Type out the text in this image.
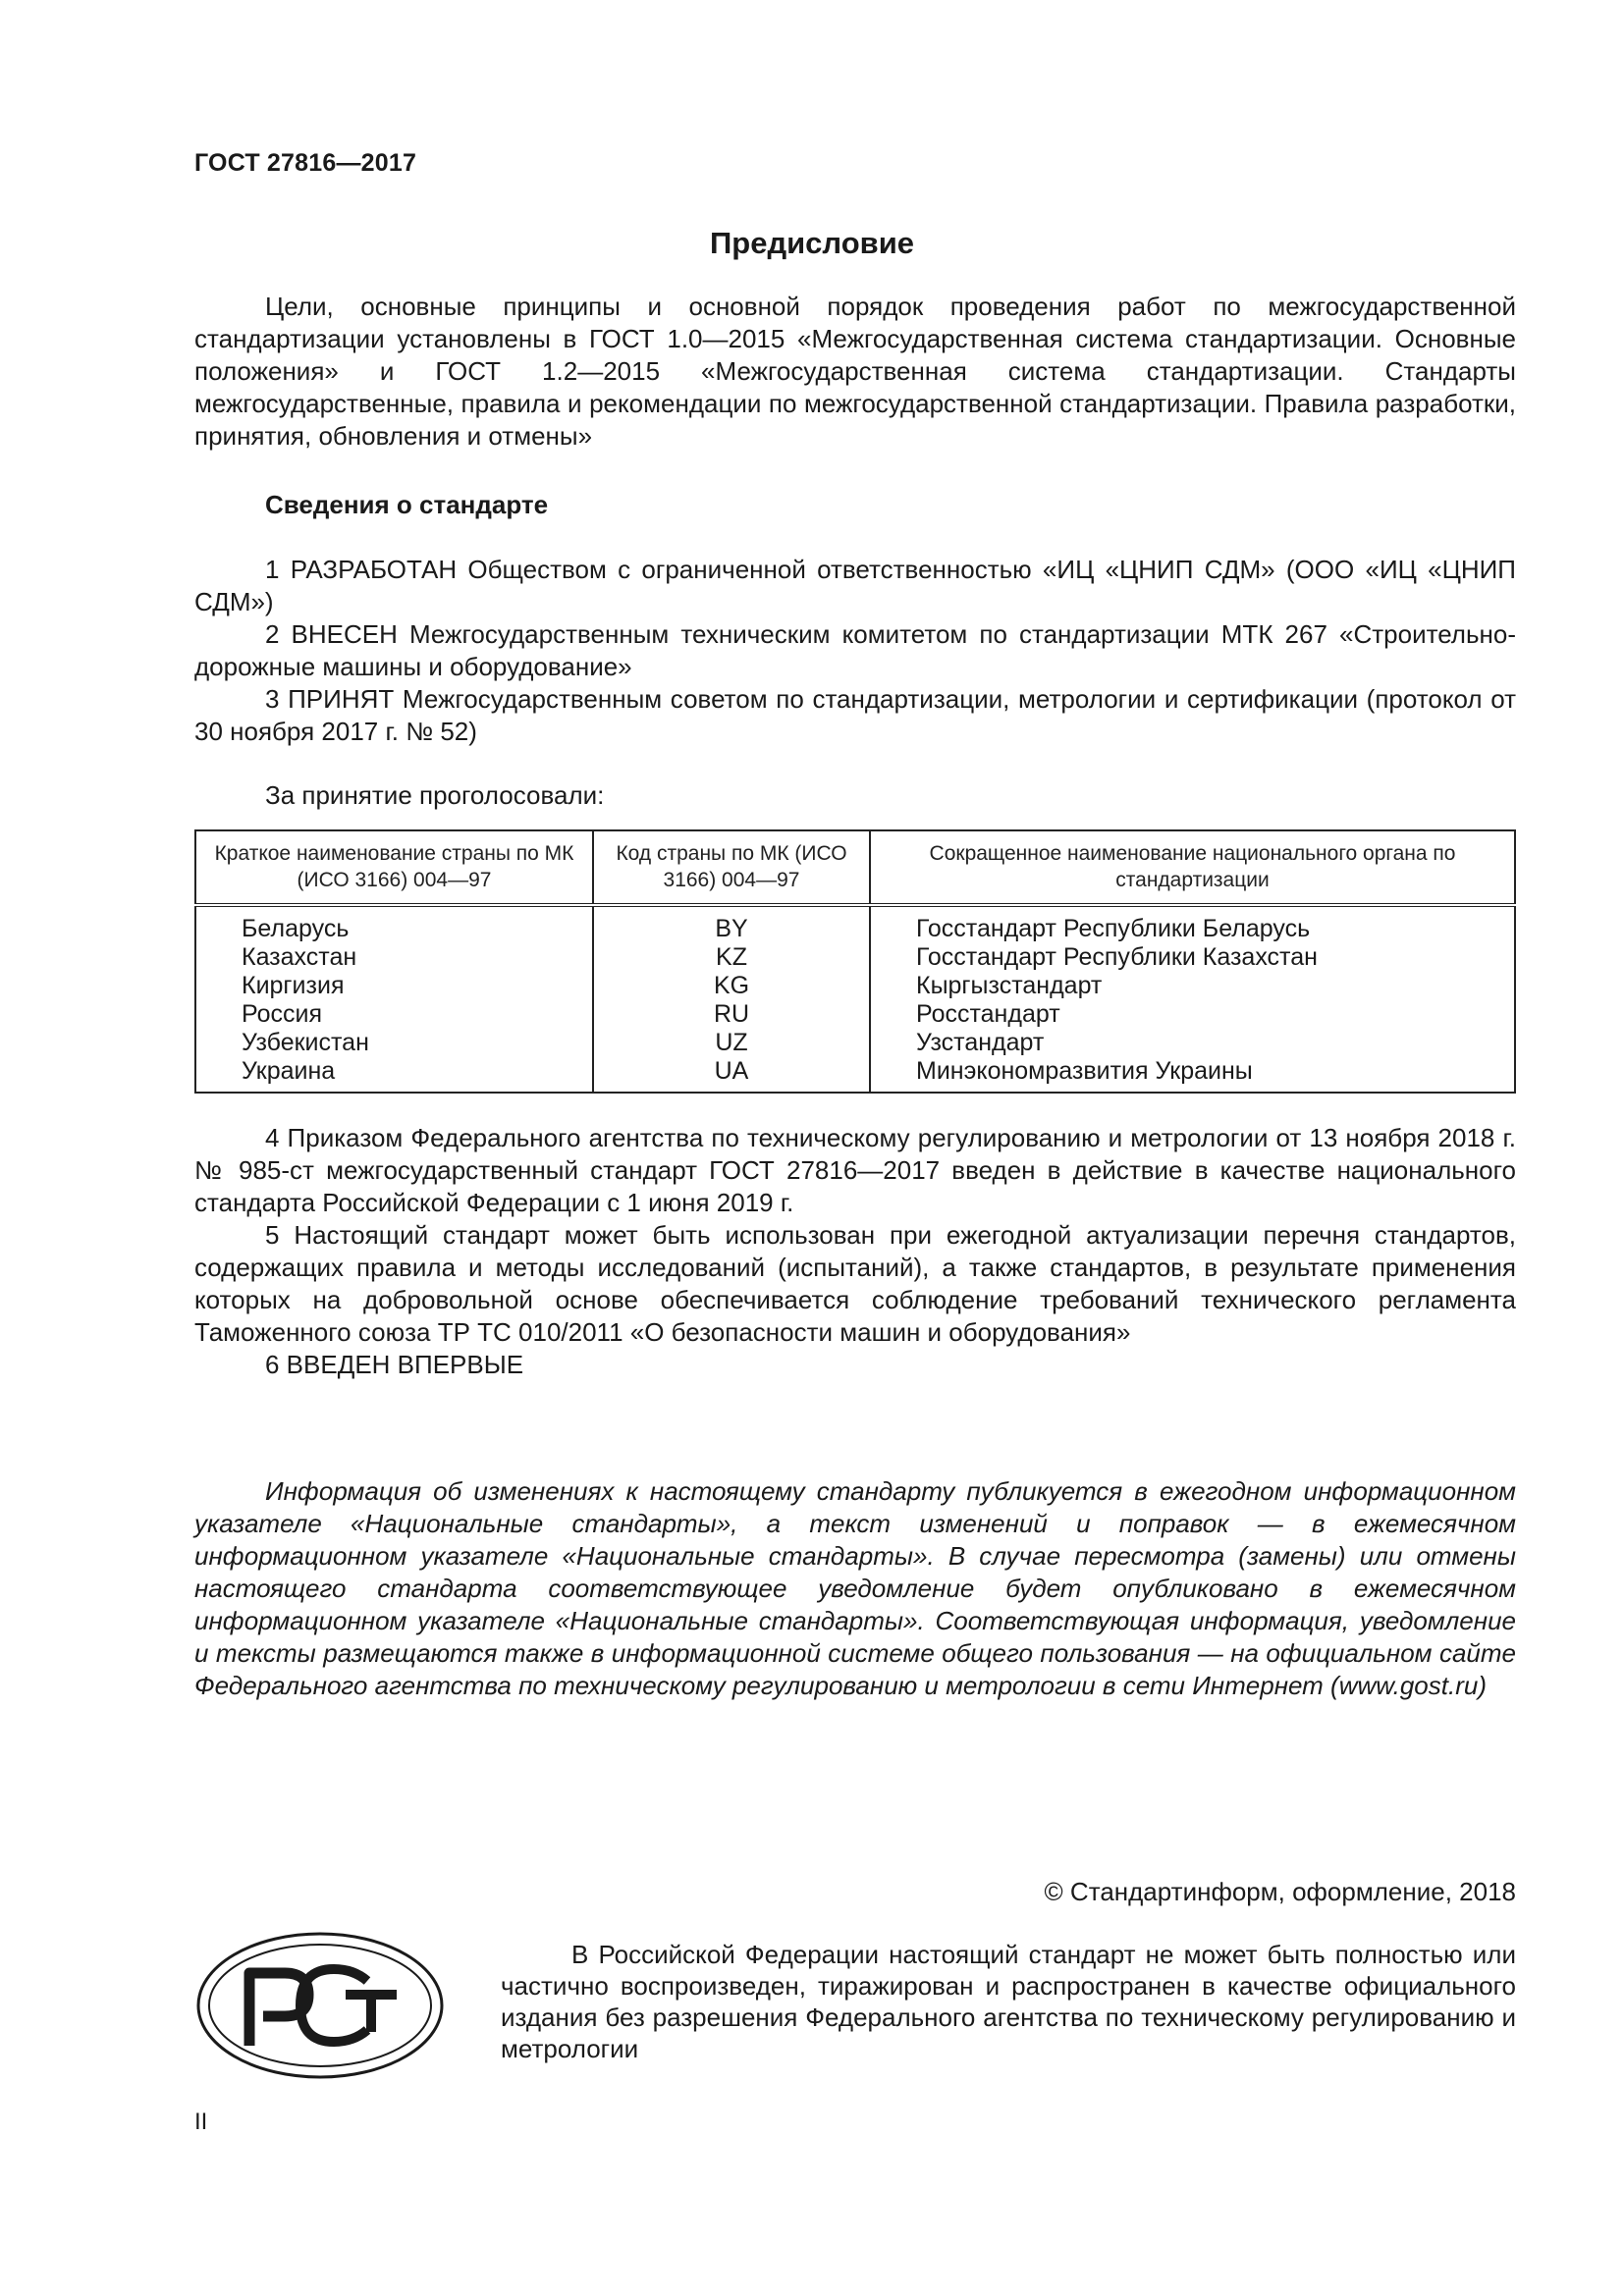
ГОСТ 27816—2017
Предисловие

Цели, основные принципы и основной порядок проведения работ по межгосударственной стандартизации установлены в ГОСТ 1.0—2015 «Межгосударственная система стандартизации. Основные положения» и ГОСТ 1.2—2015 «Межгосударственная система стандартизации. Стандарты межгосударственные, правила и рекомендации по межгосударственной стандартизации. Правила разработки, принятия, обновления и отмены»

Сведения о стандарте

1 РАЗРАБОТАН Обществом с ограниченной ответственностью «ИЦ «ЦНИП СДМ» (ООО «ИЦ «ЦНИП СДМ»)

2 ВНЕСЕН Межгосударственным техническим комитетом по стандартизации МТК 267 «Строительно-дорожные машины и оборудование»

3 ПРИНЯТ Межгосударственным советом по стандартизации, метрологии и сертификации (протокол от 30 ноября 2017 г. № 52)

За принятие проголосовали:
Краткое наименование страны по МК (ИСО 3166) 004—97	Код страны по МК (ИСО 3166) 004—97	Сокращенное наименование национального органа по стандартизации
Беларусь	BY	Госстандарт Республики Беларусь
Казахстан	KZ	Госстандарт Республики Казахстан
Киргизия	KG	Кыргызстандарт
Россия	RU	Росстандарт
Узбекистан	UZ	Узстандарт
Украина	UA	Минэкономразвития Украины

4 Приказом Федерального агентства по техническому регулированию и метрологии от 13 ноября 2018 г. № 985-ст межгосударственный стандарт ГОСТ 27816—2017 введен в действие в качестве национального стандарта Российской Федерации с 1 июня 2019 г.

5 Настоящий стандарт может быть использован при ежегодной актуализации перечня стандартов, содержащих правила и методы исследований (испытаний), а также стандартов, в результате применения которых на добровольной основе обеспечивается соблюдение требований технического регламента Таможенного союза ТР ТС 010/2011 «О безопасности машин и оборудования»

6 ВВЕДЕН ВПЕРВЫЕ

Информация об изменениях к настоящему стандарту публикуется в ежегодном информационном указателе «Национальные стандарты», а текст изменений и поправок — в ежемесячном информационном указателе «Национальные стандарты». В случае пересмотра (замены) или отмены настоящего стандарта соответствующее уведомление будет опубликовано в ежемесячном информационном указателе «Национальные стандарты». Соответствующая информация, уведомление и тексты размещаются также в информационной системе общего пользования — на официальном сайте Федерального агентства по техническому регулированию и метрологии в сети Интернет (www.gost.ru)

© Стандартинформ, оформление, 2018

В Российской Федерации настоящий стандарт не может быть полностью или частично воспроизведен, тиражирован и распространен в качестве официального издания без разрешения Федерального агентства по техническому регулированию и метрологии

II
